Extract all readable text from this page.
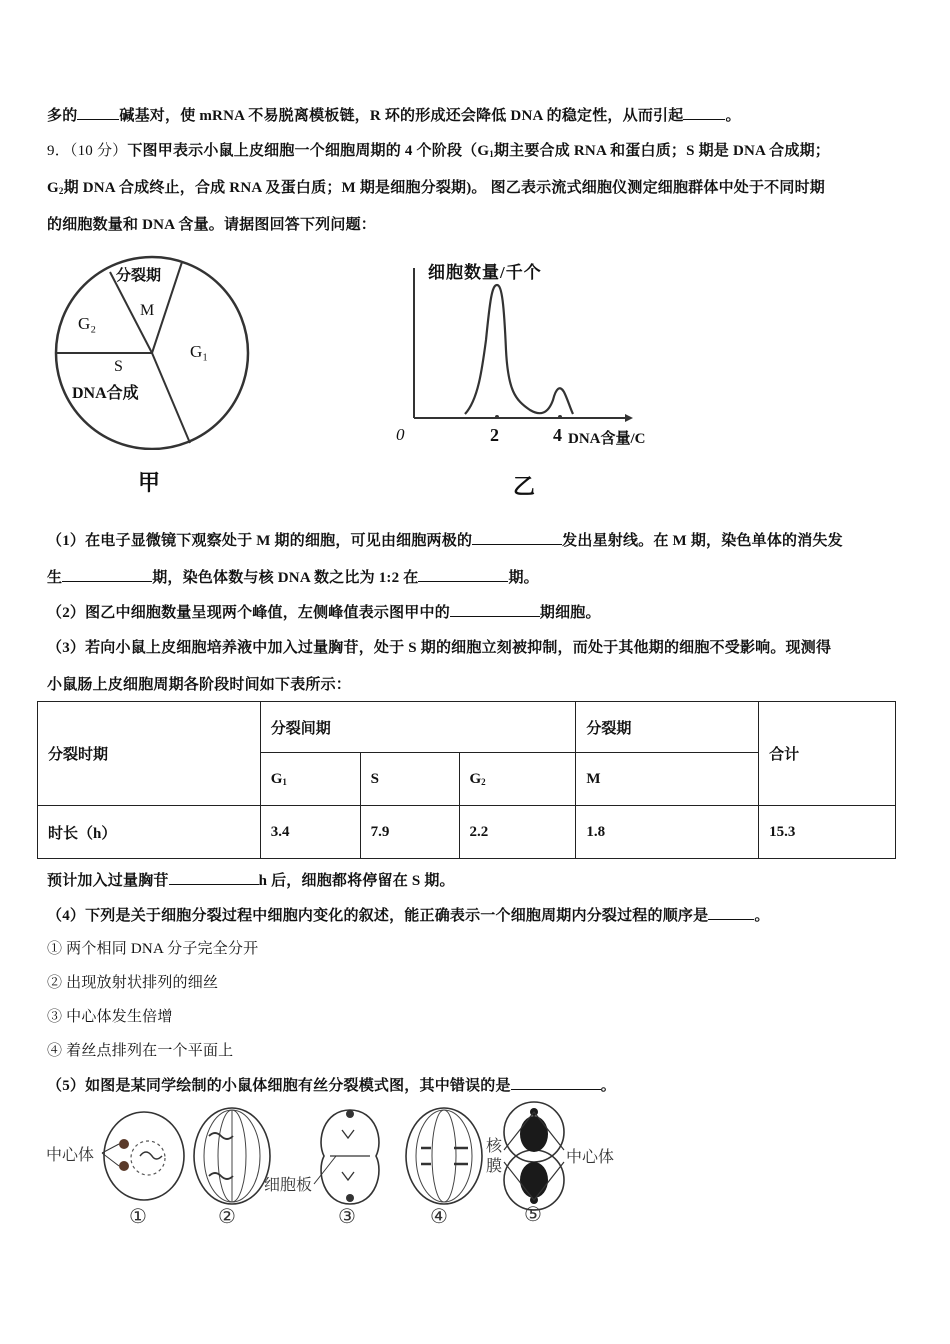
多的	碱基对，使 mRNA 不易脱离模板链，R 环的形成还会降低 DNA 的稳定性，从而引起	。
9．（10 分）下图甲表示小鼠上皮细胞一个细胞周期的 4 个阶段（$G_1$期主要合成 RNA 和蛋白质；S 期是 DNA 合成期；
$G_2$期 DNA 合成终止，合成 RNA 及蛋白质；M 期是细胞分裂期)。 图乙表示流式细胞仪测定细胞群体中处于不同时期
的细胞数量和 DNA 含量。请据图回答下列问题：
分裂期
M
G₂
G₁
S
DNA合成
甲
细胞数量/千个
0	2	4 DNA含量/C
乙
（1）在电子显微镜下观察处于 M 期的细胞，可见由细胞两极的	发出星射线。在 M 期，染色单体的消失发
生	期，染色体数与核 DNA 数之比为 1:2 在	期。
（2）图乙中细胞数量呈现两个峰值，左侧峰值表示图甲中的	期细胞。
（3）若向小鼠上皮细胞培养液中加入过量胸苷，处于 S 期的细胞立刻被抑制，而处于其他期的细胞不受影响。现测得
小鼠肠上皮细胞周期各阶段时间如下表所示：
分裂时期	分裂间期			分裂期	合计
	$G_1$	S	$G_2$	M	
时长（h）	3.4	7.9	2.2	1.8	15.3
预计加入过量胸苷	h 后，细胞都将停留在 S 期。
（4）下列是关于细胞分裂过程中细胞内变化的叙述，能正确表示一个细胞周期内分裂过程的顺序是	。
① 两个相同 DNA 分子完全分开
② 出现放射状排列的细丝
③ 中心体发生倍增
④ 着丝点排列在一个平面上
（5）如图是某同学绘制的小鼠体细胞有丝分裂模式图，其中错误的是	。
中心体
细胞板
核膜	中心体
①	②	③	④	⑤
